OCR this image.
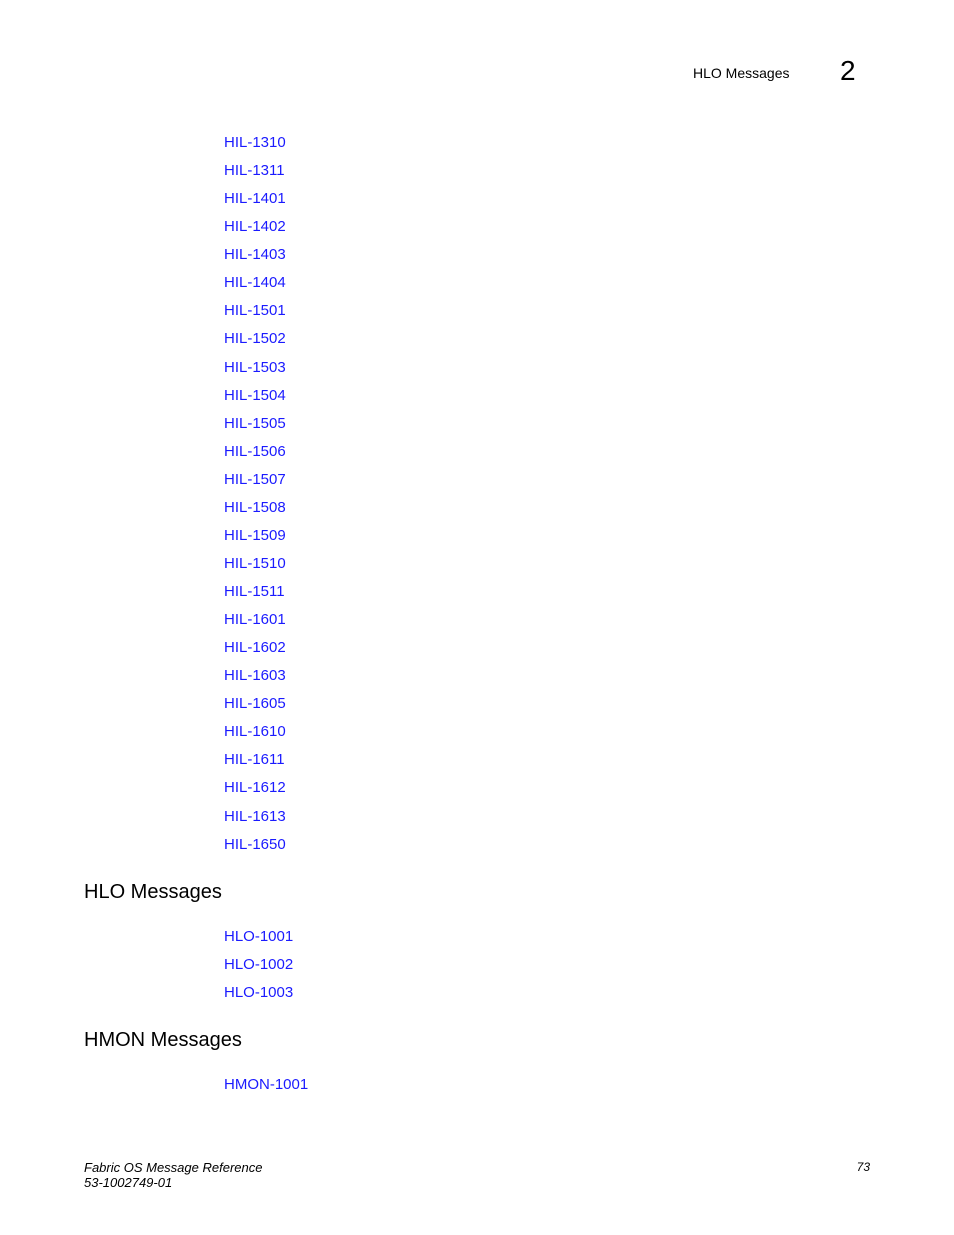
HLO Messages 2
HIL-1310
HIL-1311
HIL-1401
HIL-1402
HIL-1403
HIL-1404
HIL-1501
HIL-1502
HIL-1503
HIL-1504
HIL-1505
HIL-1506
HIL-1507
HIL-1508
HIL-1509
HIL-1510
HIL-1511
HIL-1601
HIL-1602
HIL-1603
HIL-1605
HIL-1610
HIL-1611
HIL-1612
HIL-1613
HIL-1650
HLO Messages
HLO-1001
HLO-1002
HLO-1003
HMON Messages
HMON-1001
Fabric OS Message Reference
53-1002749-01
73
